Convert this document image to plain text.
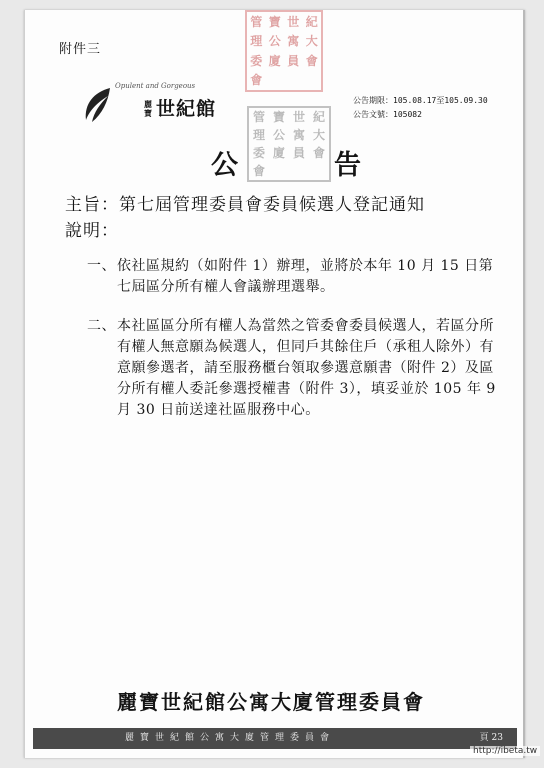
附件三
Opulent and Gorgeous
麗寶 世紀館
管 寶 世 紀
理 公 寓 大
委 廈 員 會
會
管 寶 世 紀
理 公 寓 大
委 廈 員 會
會
公告期限：105.08.17至105.09.30
公告文號：105082
公	告
主旨：第七屆管理委員會委員候選人登記通知
說明：
一、 依社區規約（如附件 1）辦理，並將於本年 10 月 15 日第七屆區分所有權人會議辦理選舉。
二、 本社區區分所有權人為當然之管委會委員候選人，若區分所有權人無意願為候選人，但同戶其餘住戶（承租人除外）有意願參選者，請至服務櫃台領取參選意願書（附件 2）及區分所有權人委託參選授權書（附件 3），填妥並於 105 年 9 月 30 日前送達社區服務中心。
麗寶世紀館公寓大廈管理委員會
麗寶世紀館公寓大廈管理委員會	頁 23
http://ibeta.tw
